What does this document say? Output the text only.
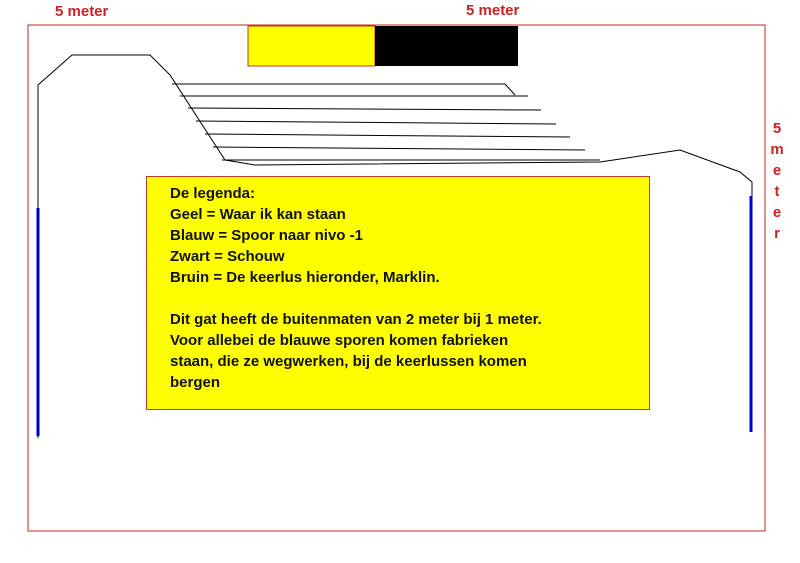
5 meter	5 meter
5
m
e
t
e
r
De legenda:
Geel = Waar ik kan staan
Blauw = Spoor naar nivo -1
Zwart = Schouw
Bruin = De keerlus hieronder, Marklin.
Dit gat heeft de buitenmaten van 2 meter bij 1 meter.
Voor allebei de blauwe sporen komen fabrieken
staan, die ze wegwerken, bij de keerlussen komen
bergen
